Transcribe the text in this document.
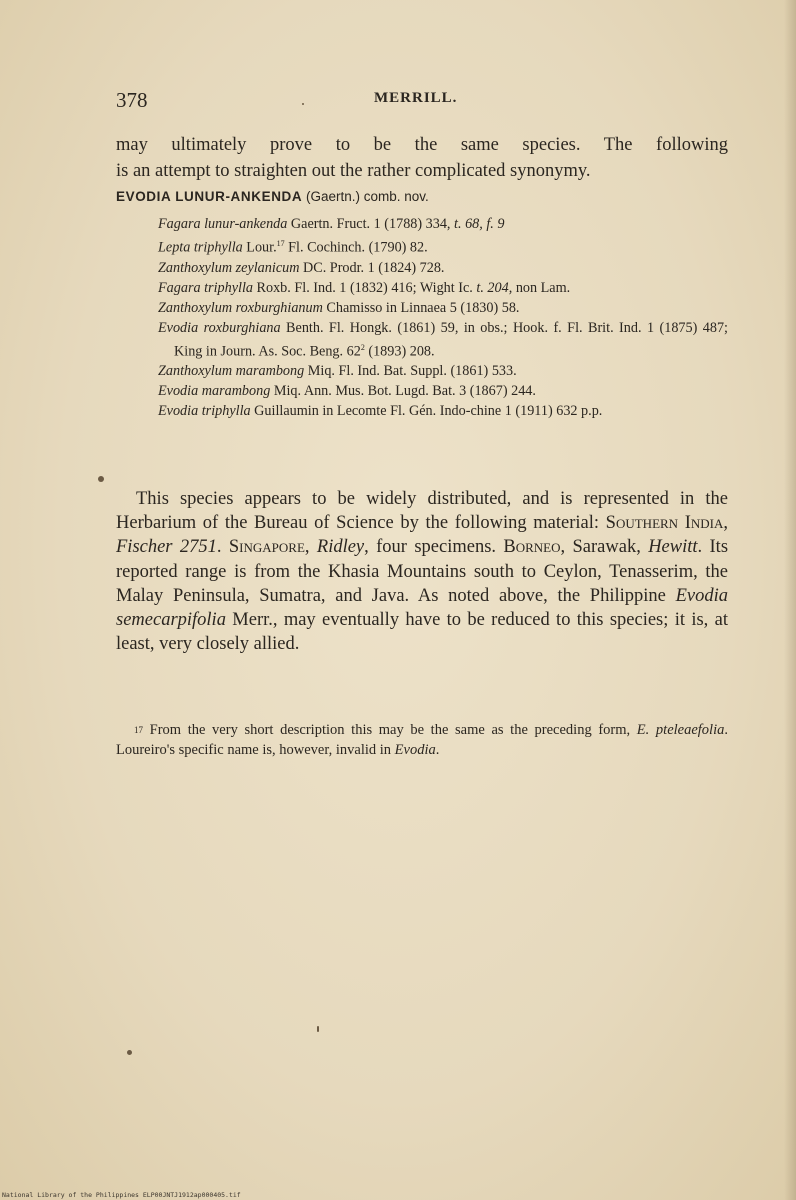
378	MERRILL.
may ultimately prove to be the same species. The following
is an attempt to straighten out the rather complicated synonymy.
EVODIA LUNUR-ANKENDA (Gaertn.) comb. nov.
Fagara lunur-ankenda Gaertn. Fruct. 1 (1788) 334, t. 68, f. 9
Lepta triphylla Lour.$^{17}$ Fl. Cochinch. (1790) 82.
Zanthoxylum zeylanicum DC. Prodr. 1 (1824) 728.
Fagara triphylla Roxb. Fl. Ind. 1 (1832) 416; Wight Ic. t. 204, non Lam.
Zanthoxylum roxburghianum Chamisso in Linnaea 5 (1830) 58.
Evodia roxburghiana Benth. Fl. Hongk. (1861) 59, in obs.; Hook. f. Fl. Brit. Ind. 1 (1875) 487; King in Journ. As. Soc. Beng. $62^2$ (1893) 208.
Zanthoxylum marambong Miq. Fl. Ind. Bat. Suppl. (1861) 533.
Evodia marambong Miq. Ann. Mus. Bot. Lugd. Bat. 3 (1867) 244.
Evodia triphylla Guillaumin in Lecomte Fl. Gén. Indo-chine 1 (1911) 632 p.p.
This species appears to be widely distributed, and is represented in the Herbarium of the Bureau of Science by the following material: Southern India, Fischer 2751. Singapore, Ridley, four specimens. Borneo, Sarawak, Hewitt. Its reported range is from the Khasia Mountains south to Ceylon, Tenasserim, the Malay Peninsula, Sumatra, and Java. As noted above, the Philippine Evodia semecarpifolia Merr., may eventually have to be reduced to this species; it is, at least, very closely allied.
$^{17}$ From the very short description this may be the same as the preceding form, E. pteleaefolia. Loureiro's specific name is, however, invalid in Evodia.
National Library of the Philippines ELP00JNTJ1912ap000405.tif
